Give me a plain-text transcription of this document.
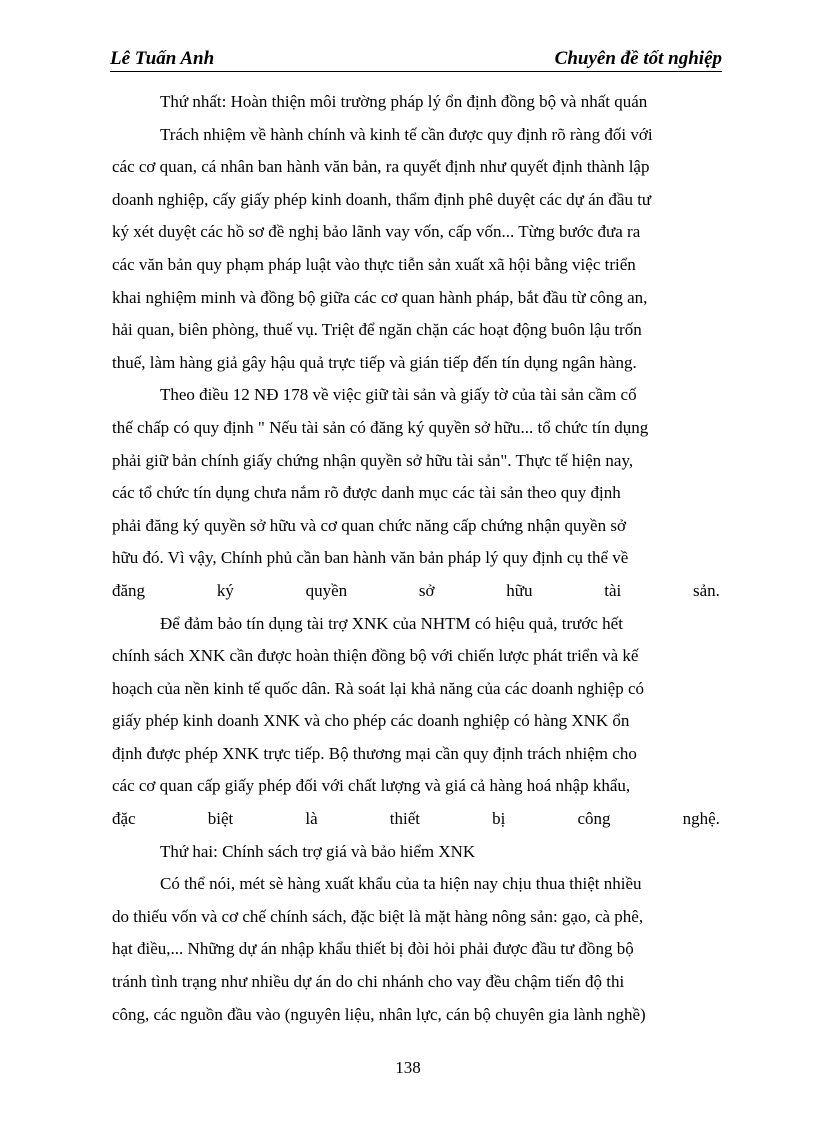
Lê Tuấn Anh	Chuyên đề tốt nghiệp
Thứ nhất: Hoàn thiện môi trường pháp lý ổn định đồng bộ và nhất quán
Trách nhiệm về hành chính và kinh tế cần được quy định rõ ràng đối với
các cơ quan, cá nhân ban hành văn bản, ra quyết định như quyết định thành lập
doanh nghiệp, cấy giấy phép kinh doanh, thẩm định phê duyệt các dự án đầu tư
ký xét duyệt các hồ sơ đề nghị bảo lãnh vay vốn, cấp vốn... Từng bước đưa ra
các văn bản quy phạm pháp luật vào thực tiễn sản xuất xã hội bằng việc triển
khai nghiệm minh và đồng bộ giữa các cơ quan hành pháp, bắt đầu từ công an,
hải quan, biên phòng, thuế vụ. Triệt để ngăn chặn các hoạt động buôn lậu trốn
thuế, làm hàng giả gây hậu quả trực tiếp và gián tiếp đến tín dụng ngân hàng.
Theo điều 12 NĐ 178 về việc giữ tài sản và giấy tờ của tài sản cầm cố
thế chấp có quy định " Nếu tài sản có đăng ký quyền sở hữu... tổ chức tín dụng
phải giữ bản chính giấy chứng nhận quyền sở hữu tài sản". Thực tế hiện nay,
các tổ chức tín dụng chưa nắm rõ được danh mục các tài sản theo quy định
phải đăng ký quyền sở hữu và cơ quan chức năng cấp chứng nhận quyền sở
hữu đó. Vì vậy, Chính phủ cần ban hành văn bản pháp lý quy định cụ thể về
đăng	ký	quyền	sở	hữu	tài	sản.
Để đảm bảo tín dụng tài trợ XNK của NHTM có hiệu quả, trước hết
chính sách XNK cần được hoàn thiện đồng bộ với chiến lược phát triển và kế
hoạch của nền kinh tế quốc dân. Rà soát lại khả năng của các doanh nghiệp có
giấy phép kinh doanh XNK và cho phép các doanh nghiệp có hàng XNK ổn
định được phép XNK trực tiếp. Bộ thương mại cần quy định trách nhiệm cho
các cơ quan cấp giấy phép đối với chất lượng và giá cả hàng hoá nhập khẩu,
đặc	biệt	là	thiết	bị	công	nghệ.
Thứ hai: Chính sách trợ giá và bảo hiểm XNK
Có thể nói, mét sè hàng xuất khẩu của ta hiện nay chịu thua thiệt nhiều
do thiếu vốn và cơ chế chính sách, đặc biệt là mặt hàng nông sản: gạo, cà phê,
hạt điều,... Những dự án nhập khẩu thiết bị đòi hỏi phải được đầu tư đồng bộ
tránh tình trạng như nhiều dự án do chi nhánh cho vay đều chậm tiến độ thi
công, các nguồn đầu vào (nguyên liệu, nhân lực, cán bộ chuyên gia lành nghề)
138
